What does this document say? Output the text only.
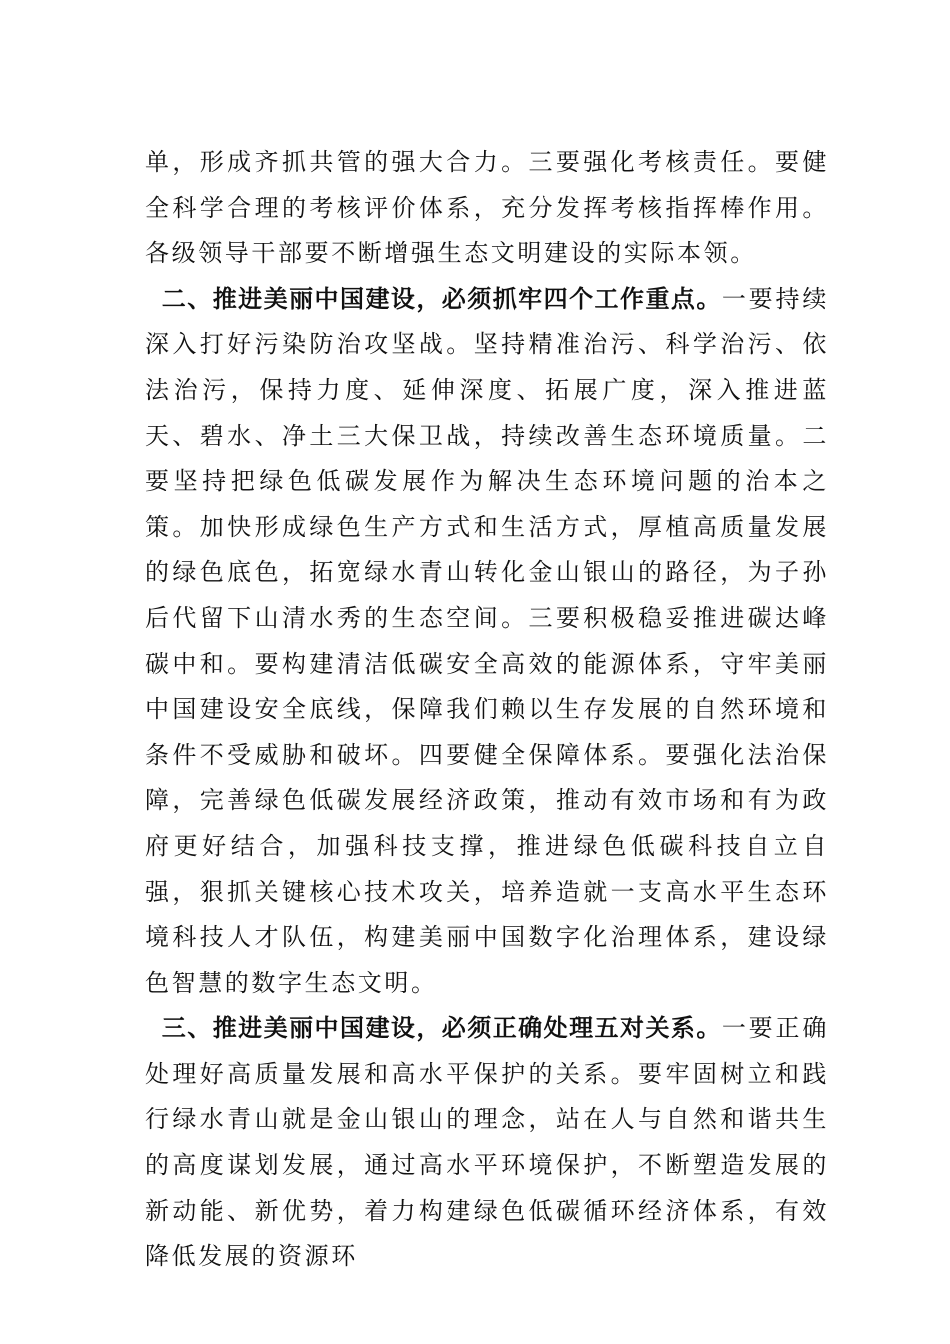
单，形成齐抓共管的强大合力。三要强化考核责任。要健全科学合理的考核评价体系，充分发挥考核指挥棒作用。各级领导干部要不断增强生态文明建设的实际本领。

二、推进美丽中国建设，必须抓牢四个工作重点。一要持续深入打好污染防治攻坚战。坚持精准治污、科学治污、依法治污，保持力度、延伸深度、拓展广度，深入推进蓝天、碧水、净土三大保卫战，持续改善生态环境质量。二要坚持把绿色低碳发展作为解决生态环境问题的治本之策。加快形成绿色生产方式和生活方式，厚植高质量发展的绿色底色，拓宽绿水青山转化金山银山的路径，为子孙后代留下山清水秀的生态空间。三要积极稳妥推进碳达峰碳中和。要构建清洁低碳安全高效的能源体系，守牢美丽中国建设安全底线，保障我们赖以生存发展的自然环境和条件不受威胁和破坏。四要健全保障体系。要强化法治保障，完善绿色低碳发展经济政策，推动有效市场和有为政府更好结合，加强科技支撑，推进绿色低碳科技自立自强，狠抓关键核心技术攻关，培养造就一支高水平生态环境科技人才队伍，构建美丽中国数字化治理体系，建设绿色智慧的数字生态文明。

三、推进美丽中国建设，必须正确处理五对关系。一要正确处理好高质量发展和高水平保护的关系。要牢固树立和践行绿水青山就是金山银山的理念，站在人与自然和谐共生的高度谋划发展，通过高水平环境保护，不断塑造发展的新动能、新优势，着力构建绿色低碳循环经济体系，有效降低发展的资源环
